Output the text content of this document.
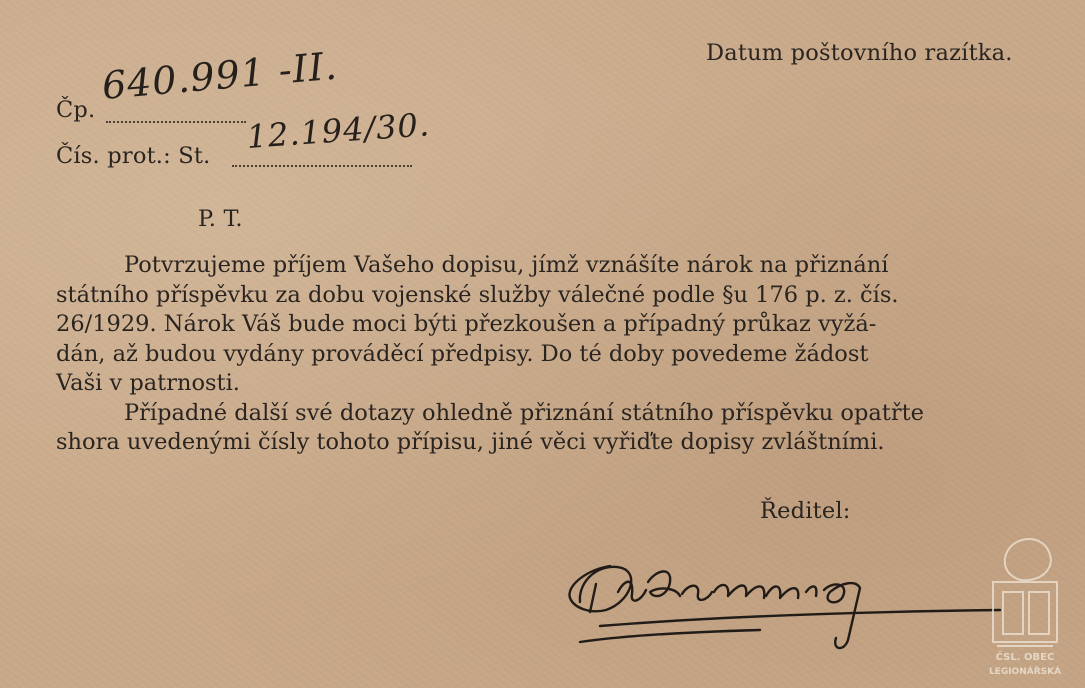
Datum poštovního razítka.
Čp.
640.991 -II.
Čís. prot.: St. 12.194/30.
P. T.

Potvrzujeme příjem Vašeho dopisu, jímž vznášíte nárok na přiznání
státního příspěvku za dobu vojenské služby válečné podle §u 176 p. z. čís.
26/1929. Nárok Váš bude moci býti přezkoušen a případný průkaz vyžá-
dán, až budou vydány prováděcí předpisy. Do té doby povedeme žádost
Vaši v patrnosti.

Případné další své dotazy ohledně přiznání státního příspěvku opatřte
shora uvedenými čísly tohoto přípisu, jiné věci vyřiďte dopisy zvláštními.

Ředitel:
ČSL. OBEC
LEGIONÁŘSKÁ
